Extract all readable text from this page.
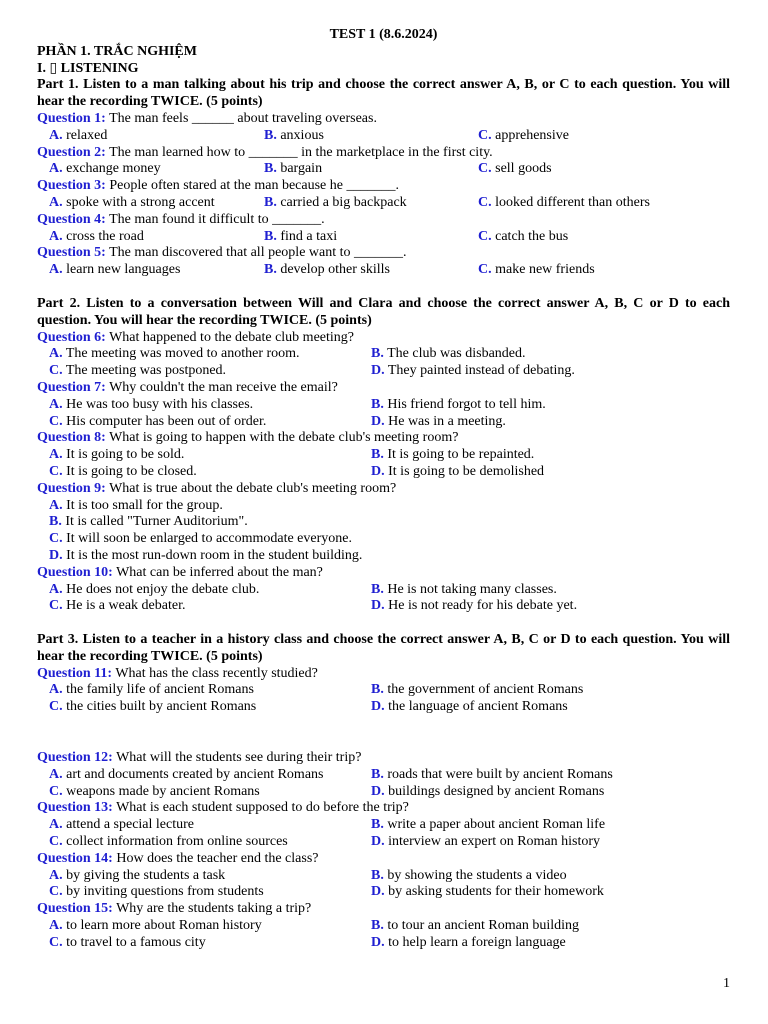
TEST 1 (8.6.2024)
PHẦN 1. TRẮC NGHIỆM
I. ▯ LISTENING
Part 1. Listen to a man talking about his trip and choose the correct answer A, B, or C to each question. You will hear the recording TWICE. (5 points)
Question 1: The man feels ______ about traveling overseas.
A. relaxed	B. anxious	C. apprehensive
Question 2: The man learned how to _______ in the marketplace in the first city.
A. exchange money	B. bargain	C. sell goods
Question 3: People often stared at the man because he _______.
A. spoke with a strong accent	B. carried a big backpack	C. looked different than others
Question 4: The man found it difficult to _______.
A. cross the road	B. find a taxi	C. catch the bus
Question 5: The man discovered that all people want to _______.
A. learn new languages	B. develop other skills	C. make new friends
Part 2. Listen to a conversation between Will and Clara and choose the correct answer A, B, C or D to each question. You will hear the recording TWICE. (5 points)
Question 6: What happened to the debate club meeting?
A. The meeting was moved to another room.	B. The club was disbanded.
C. The meeting was postponed.	D. They painted instead of debating.
Question 7: Why couldn't the man receive the email?
A. He was too busy with his classes.	B. His friend forgot to tell him.
C. His computer has been out of order.	D. He was in a meeting.
Question 8: What is going to happen with the debate club's meeting room?
A. It is going to be sold.	B. It is going to be repainted.
C. It is going to be closed.	D. It is going to be demolished
Question 9: What is true about the debate club's meeting room?
A. It is too small for the group.
B. It is called "Turner Auditorium".
C. It will soon be enlarged to accommodate everyone.
D. It is the most run-down room in the student building.
Question 10: What can be inferred about the man?
A. He does not enjoy the debate club.	B. He is not taking many classes.
C. He is a weak debater.	D. He is not ready for his debate yet.
Part 3. Listen to a teacher in a history class and choose the correct answer A, B, C or D to each question. You will hear the recording TWICE. (5 points)
Question 11: What has the class recently studied?
A. the family life of ancient Romans	B. the government of ancient Romans
C. the cities built by ancient Romans	D. the language of ancient Romans
Question 12: What will the students see during their trip?
A. art and documents created by ancient Romans	B. roads that were built by ancient Romans
C. weapons made by ancient Romans	D. buildings designed by ancient Romans
Question 13: What is each student supposed to do before the trip?
A. attend a special lecture	B. write a paper about ancient Roman life
C. collect information from online sources	D. interview an expert on Roman history
Question 14: How does the teacher end the class?
A. by giving the students a task	B. by showing the students a video
C. by inviting questions from students	D. by asking students for their homework
Question 15: Why are the students taking a trip?
A. to learn more about Roman history	B. to tour an ancient Roman building
C. to travel to a famous city	D. to help learn a foreign language
1
